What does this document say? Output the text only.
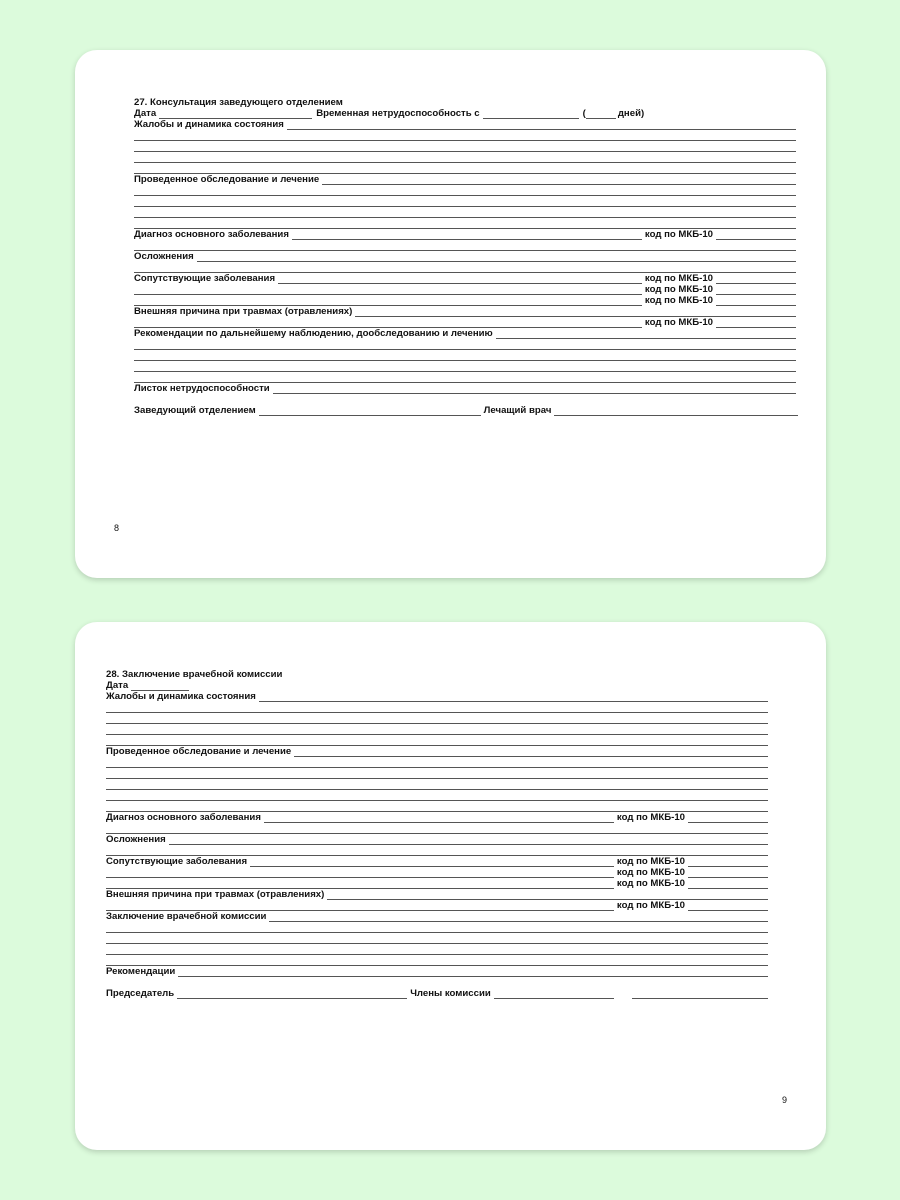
27. Консультация заведующего отделением
Дата	Временная нетрудоспособность с	(	дней)
Жалобы и динамика состояния
Проведенное обследование и лечение
Диагноз основного заболевания	код по МКБ-10
Осложнения
Сопутствующие заболевания	код по МКБ-10
код по МКБ-10
код по МКБ-10
Внешняя причина при травмах (отравлениях)
код по МКБ-10
Рекомендации по дальнейшему наблюдению, дообследованию и лечению
Листок нетрудоспособности
Заведующий отделением	Лечащий врач
8
28. Заключение врачебной комиссии
Дата
Жалобы и динамика состояния
Проведенное обследование и лечение
Диагноз основного заболевания	код по МКБ-10
Осложнения
Сопутствующие заболевания	код по МКБ-10
код по МКБ-10
код по МКБ-10
Внешняя причина при травмах (отравлениях)
код по МКБ-10
Заключение врачебной комиссии
Рекомендации
Председатель	Члены комиссии
9
